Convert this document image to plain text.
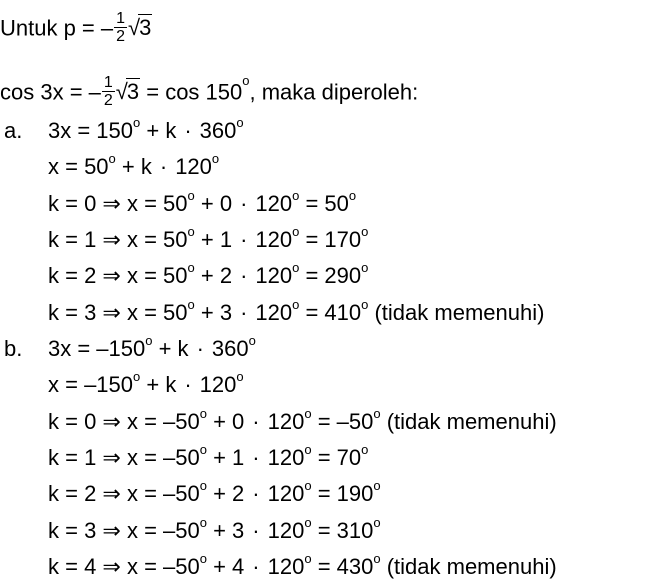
Untuk p = – $\frac{1}{2} √3$
cos 3x = – $\frac{1}{2} √3 = \cos 150^o$, maka diperoleh:
a. $3x = 150^o + k \cdot 360^o$
$x = 50^o + k \cdot 120^o$
k = 0 ⇒ $x = 50^o + 0 \cdot 120^o = 50^o$
k = 1 ⇒ $x = 50^o + 1 \cdot 120^o = 170^o$
k = 2 ⇒ $x = 50^o + 2 \cdot 120^o = 290^o$
k = 3 ⇒ $x = 50^o + 3 \cdot 120^o = 410^o$ (tidak memenuhi)
b. $3x = -150^o + k \cdot 360^o$
$x = -150^o + k \cdot 120^o$
k = 0 ⇒ $x = -50^o + 0 \cdot 120^o = -50^o$ (tidak memenuhi)
k = 1 ⇒ $x = -50^o + 1 \cdot 120^o = 70^o$
k = 2 ⇒ $x = -50^o + 2 \cdot 120^o = 190^o$
k = 3 ⇒ $x = -50^o + 3 \cdot 120^o = 310^o$
k = 4 ⇒ $x = -50^o + 4 \cdot 120^o = 430^o$ (tidak memenuhi)
